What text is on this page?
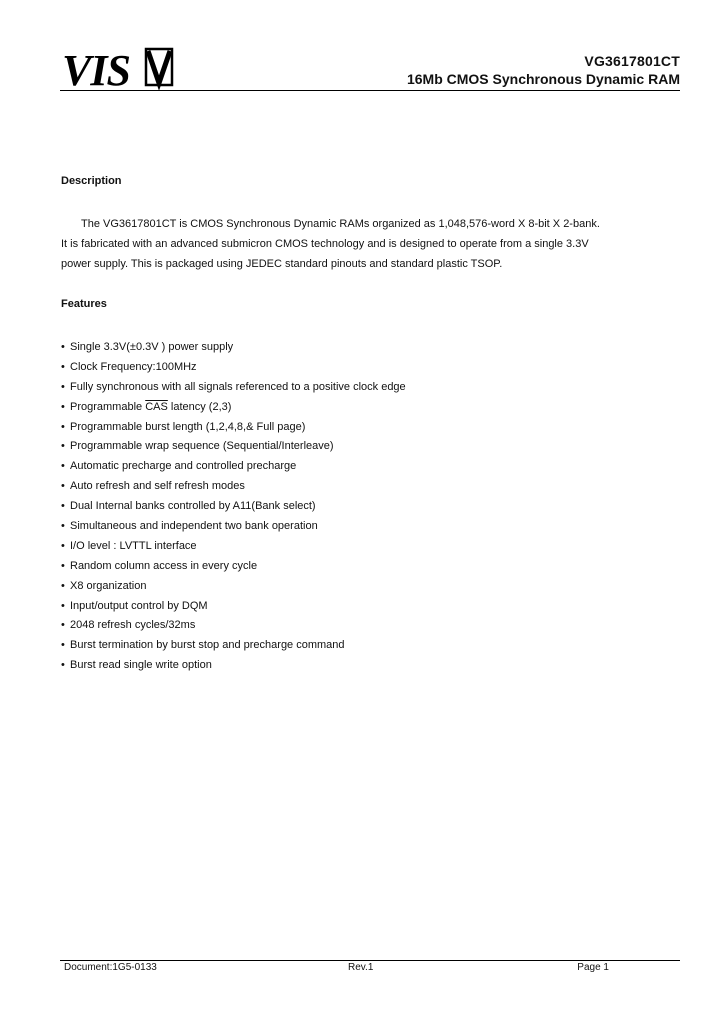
VIS	VG3617801CT
16Mb CMOS Synchronous Dynamic RAM
Description

The VG3617801CT is CMOS Synchronous Dynamic RAMs organized as 1,048,576-word X 8-bit X 2-bank. It is fabricated with an advanced submicron CMOS technology and is designed to operate from a single 3.3V power supply. This is packaged using JEDEC standard pinouts and standard plastic TSOP.

Features
• Single 3.3V(±0.3V ) power supply
• Clock Frequency:100MHz
• Fully synchronous with all signals referenced to a positive clock edge
• Programmable $\overline{CAS}$ latency (2,3)
• Programmable burst length (1,2,4,8,& Full page)
• Programmable wrap sequence (Sequential/Interleave)
• Automatic precharge and controlled precharge
• Auto refresh and self refresh modes
• Dual Internal banks controlled by A11(Bank select)
• Simultaneous and independent two bank operation
• I/O level : LVTTL interface
• Random column access in every cycle
• X8 organization
• Input/output control by DQM
• 2048 refresh cycles/32ms
• Burst termination by burst stop and precharge command
• Burst read single write option
Document:1G5-0133	Rev.1	Page 1
